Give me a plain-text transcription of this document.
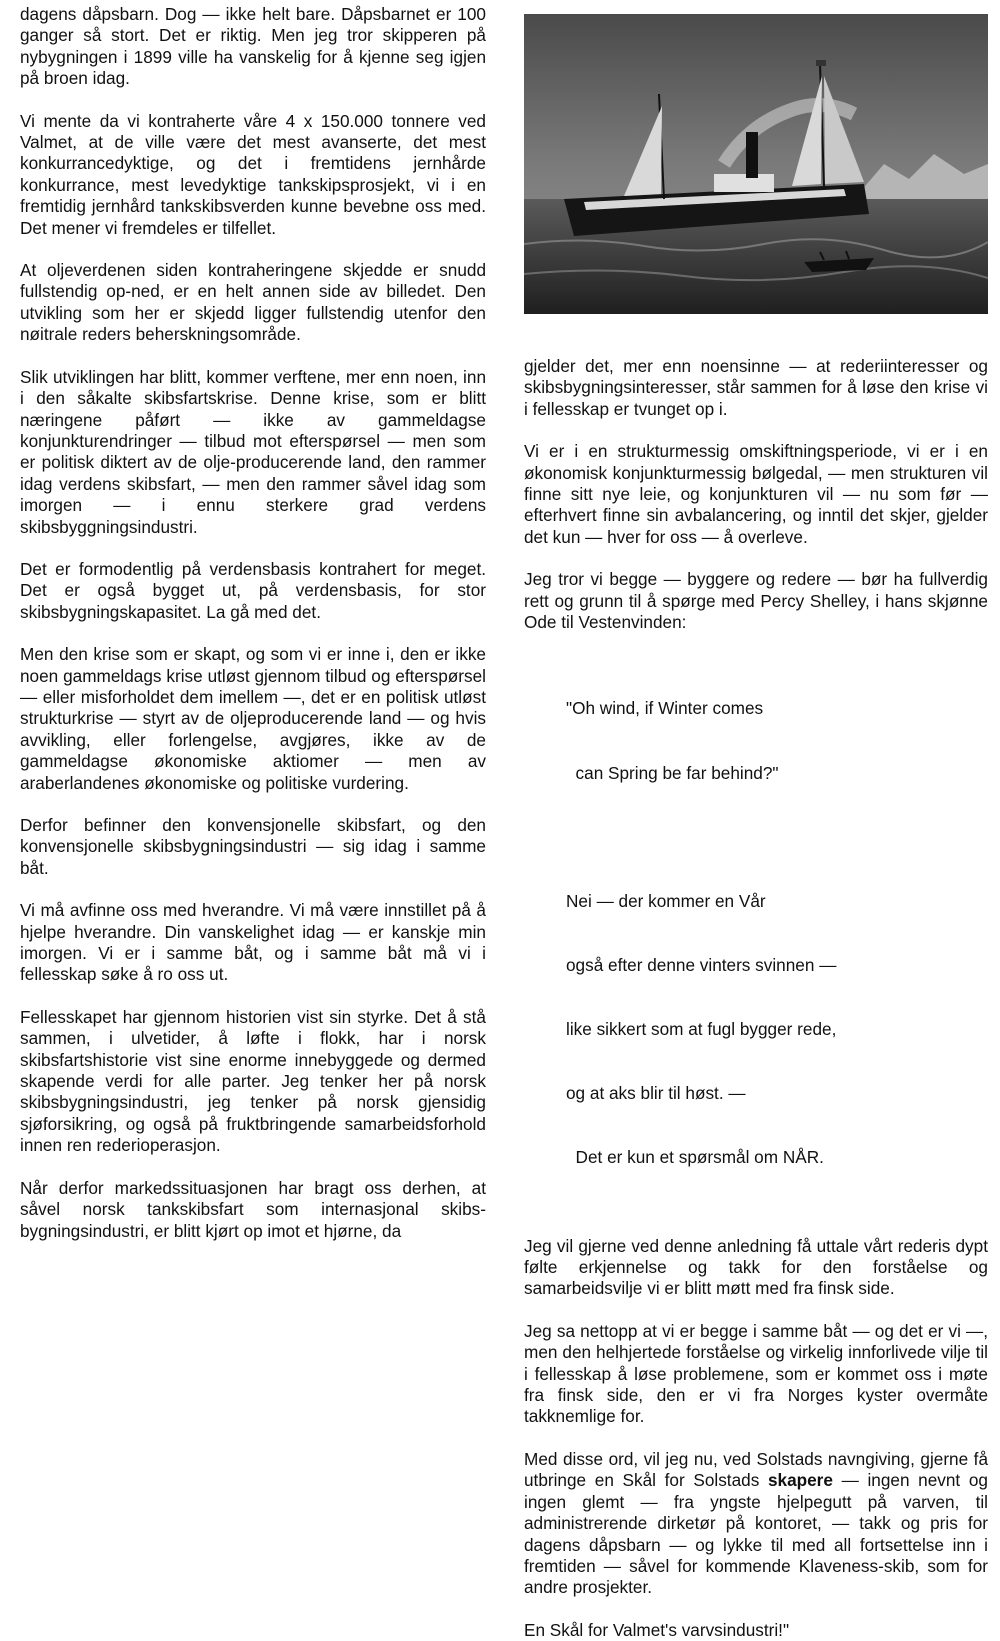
dagens dåpsbarn. Dog — ikke helt bare. Dåpsbarnet er 100 ganger så stort. Det er riktig. Men jeg tror skipperen på nybygningen i 1899 ville ha vanskelig for å kjenne seg igjen på broen idag.

Vi mente da vi kontraherte våre 4 x 150.000 tonnere ved Valmet, at de ville være det mest avanserte, det mest konkurrancedyktige, og det i fremtidens jernhårde konkurrance, mest levedyktige tankskipsprosjekt, vi i en fremtidig jernhård tankskibsverden kunne bevebne oss med. Det mener vi fremdeles er tilfellet.

At oljeverdenen siden kontraheringene skjedde er snudd fullstendig op-ned, er en helt annen side av billedet. Den utvikling som her er skjedd ligger fullstendig utenfor den nøitrale reders beherskningsområde.

Slik utviklingen har blitt, kommer verftene, mer enn noen, inn i den såkalte skibsfartskrise. Denne krise, som er blitt næringene påført — ikke av gammeldagse konjunkturendringer — tilbud mot efterspørsel — men som er politisk diktert av de olje-producerende land, den rammer idag verdens skibsfart, — men den rammer såvel idag som imorgen — i ennu sterkere grad verdens skibsbyggningsindustri.

Det er formodentlig på verdensbasis kontrahert for meget. Det er også bygget ut, på verdensbasis, for stor skibsbygningskapasitet. La gå med det.

Men den krise som er skapt, og som vi er inne i, den er ikke noen gammeldags krise utløst gjennom tilbud og efterspørsel — eller misforholdet dem imellem —, det er en politisk utløst strukturkrise — styrt av de oljeproducerende land — og hvis avvikling, eller forlengelse, avgjøres, ikke av de gammeldagse økonomiske aktiomer — men av araberlandenes økonomiske og politiske vurdering.

Derfor befinner den konvensjonelle skibsfart, og den konvensjonelle skibsbygningsindustri — sig idag i samme båt.

Vi må avfinne oss med hverandre. Vi må være innstillet på å hjelpe hverandre. Din vanskelighet idag — er kanskje min imorgen. Vi er i samme båt, og i samme båt må vi i fellesskap søke å ro oss ut.

Fellesskapet har gjennom historien vist sin styrke. Det å stå sammen, i ulvetider, å løfte i flokk, har i norsk skibsfartshistorie vist sine enorme innebyggede og dermed skapende verdi for alle parter. Jeg tenker her på norsk skibsbygningsindustri, jeg tenker på norsk gjensidig sjøforsikring, og også på fruktbringende samarbeidsforhold innen ren rederioperasjon.

Når derfor markedssituasjonen har bragt oss derhen, at såvel norsk tankskibsfart som internasjonal skibsbygningsindustri, er blitt kjørt op imot et hjørne, da

gjelder det, mer enn noensinne — at rederiinteresser og skibsbygningsinteresser, står sammen for å løse den krise vi i fellesskap er tvunget op i.

Vi er i en strukturmessig omskiftningsperiode, vi er i en økonomisk konjunkturmessig bølgedal, — men strukturen vil finne sitt nye leie, og konjunkturen vil — nu som før — efterhvert finne sin avbalancering, og inntil det skjer, gjelder det kun — hver for oss — å overleve.

Jeg tror vi begge — byggere og redere — bør ha fullverdig rett og grunn til å spørge med Percy Shelley, i hans skjønne Ode til Vestenvinden:

"Oh wind, if Winter comes

can Spring be far behind?"

Nei — der kommer en Vår

også efter denne vinters svinnen —

like sikkert som at fugl bygger rede,

og at aks blir til høst. —

Det er kun et spørsmål om NÅR.

Jeg vil gjerne ved denne anledning få uttale vårt rederis dypt følte erkjennelse og takk for den forståelse og samarbeidsvilje vi er blitt møtt med fra finsk side.

Jeg sa nettopp at vi er begge i samme båt — og det er vi —, men den helhjertede forståelse og virkelig innforlivede vilje til i fellesskap å løse problemene, som er kommet oss i møte fra finsk side, den er vi fra Norges kyster overmåte takknemlige for.

Med disse ord, vil jeg nu, ved Solstads navngiving, gjerne få utbringe en Skål for Solstads skapere — ingen nevnt og ingen glemt — fra yngste hjelpegutt på varven, til administrerende dirketør på kontoret, — takk og pris for dagens dåpsbarn — og lykke til med all fortsettelse inn i fremtiden — såvel for kommende Klaveness-skib, som for andre prosjekter.

En Skål for Valmet's varvsindustri!"
